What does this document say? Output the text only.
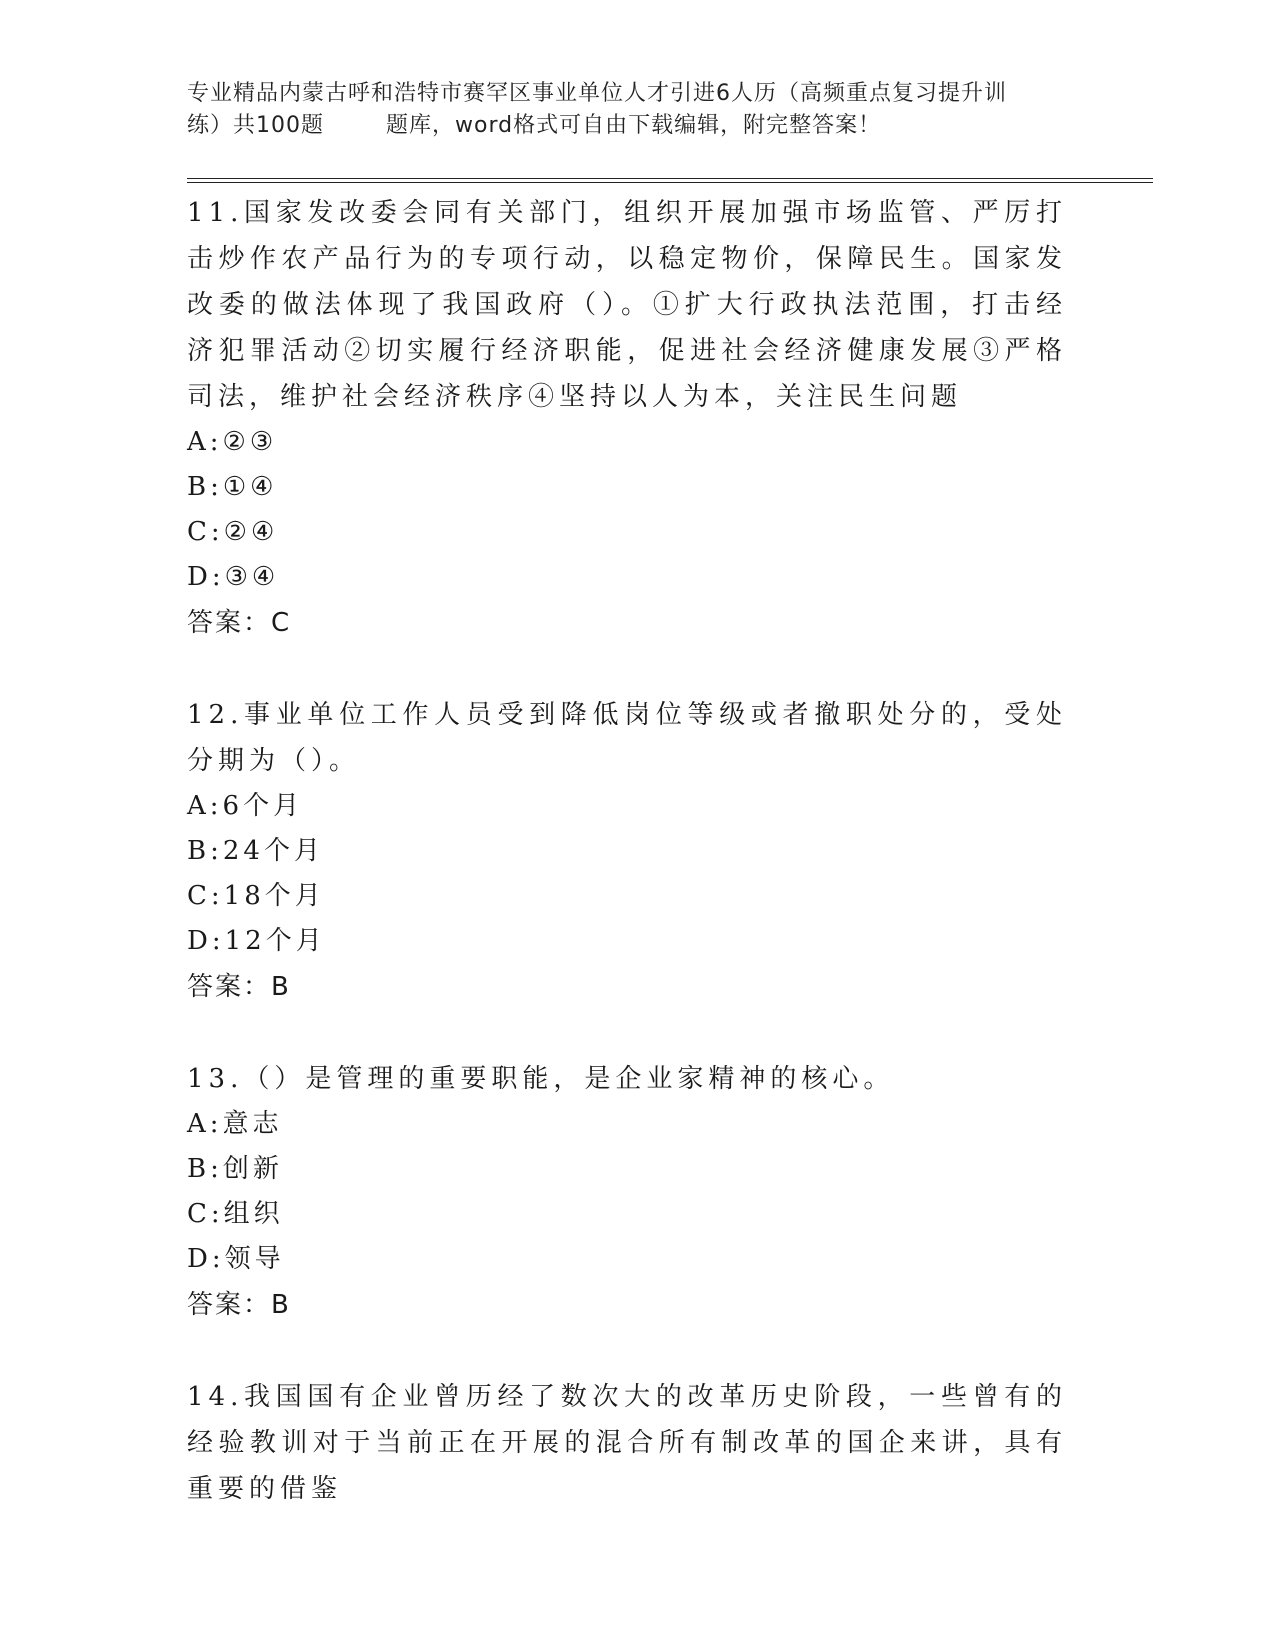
专业精品内蒙古呼和浩特市赛罕区事业单位人才引进6人历（高频重点复习提升训
练）共100题	题库，word格式可自由下载编辑，附完整答案！
11.国家发改委会同有关部门，组织开展加强市场监管、严厉打击炒作农产品行为的专项行动，以稳定物价，保障民生。国家发改委的做法体现了我国政府（）。①扩大行政执法范围，打击经济犯罪活动②切实履行经济职能，促进社会经济健康发展③严格司法，维护社会经济秩序④坚持以人为本，关注民生问题
A:②③
B:①④
C:②④
D:③④
答案：C
12.事业单位工作人员受到降低岗位等级或者撤职处分的，受处分期为（）。
A:6个月
B:24个月
C:18个月
D:12个月
答案：B
13.（）是管理的重要职能，是企业家精神的核心。
A:意志
B:创新
C:组织
D:领导
答案：B
14.我国国有企业曾历经了数次大的改革历史阶段，一些曾有的经验教训对于当前正在开展的混合所有制改革的国企来讲，具有重要的借鉴
